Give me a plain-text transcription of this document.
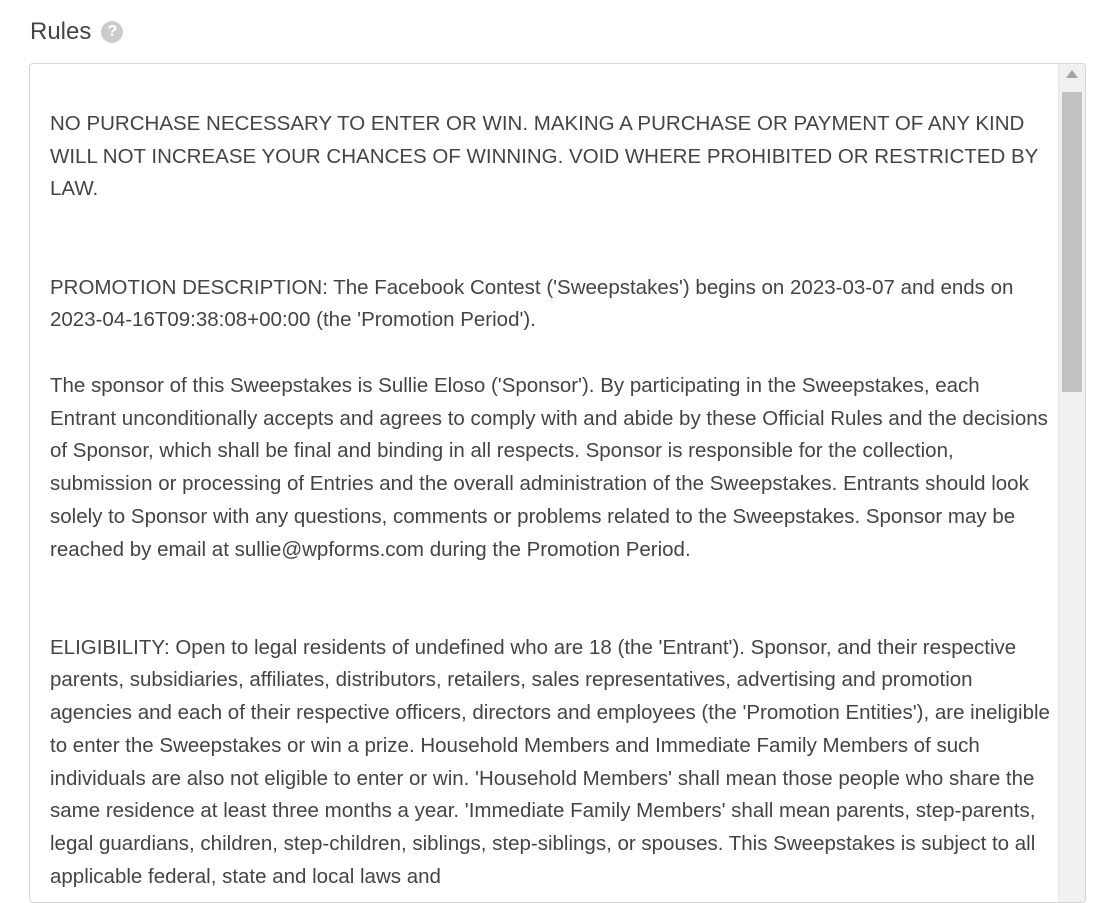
Rules	?

NO PURCHASE NECESSARY TO ENTER OR WIN. MAKING A PURCHASE OR PAYMENT OF ANY KIND WILL NOT INCREASE YOUR CHANCES OF WINNING. VOID WHERE PROHIBITED OR RESTRICTED BY LAW.

PROMOTION DESCRIPTION: The Facebook Contest ('Sweepstakes') begins on 2023-03-07 and ends on 2023-04-16T09:38:08+00:00 (the 'Promotion Period').

The sponsor of this Sweepstakes is Sullie Eloso ('Sponsor'). By participating in the Sweepstakes, each Entrant unconditionally accepts and agrees to comply with and abide by these Official Rules and the decisions of Sponsor, which shall be final and binding in all respects. Sponsor is responsible for the collection, submission or processing of Entries and the overall administration of the Sweepstakes. Entrants should look solely to Sponsor with any questions, comments or problems related to the Sweepstakes. Sponsor may be reached by email at sullie@wpforms.com during the Promotion Period.

ELIGIBILITY: Open to legal residents of undefined who are 18 (the 'Entrant'). Sponsor, and their respective parents, subsidiaries, affiliates, distributors, retailers, sales representatives, advertising and promotion agencies and each of their respective officers, directors and employees (the 'Promotion Entities'), are ineligible to enter the Sweepstakes or win a prize. Household Members and Immediate Family Members of such individuals are also not eligible to enter or win. 'Household Members' shall mean those people who share the same residence at least three months a year. 'Immediate Family Members' shall mean parents, step-parents, legal guardians, children, step-children, siblings, step-siblings, or spouses. This Sweepstakes is subject to all applicable federal, state and local laws and
